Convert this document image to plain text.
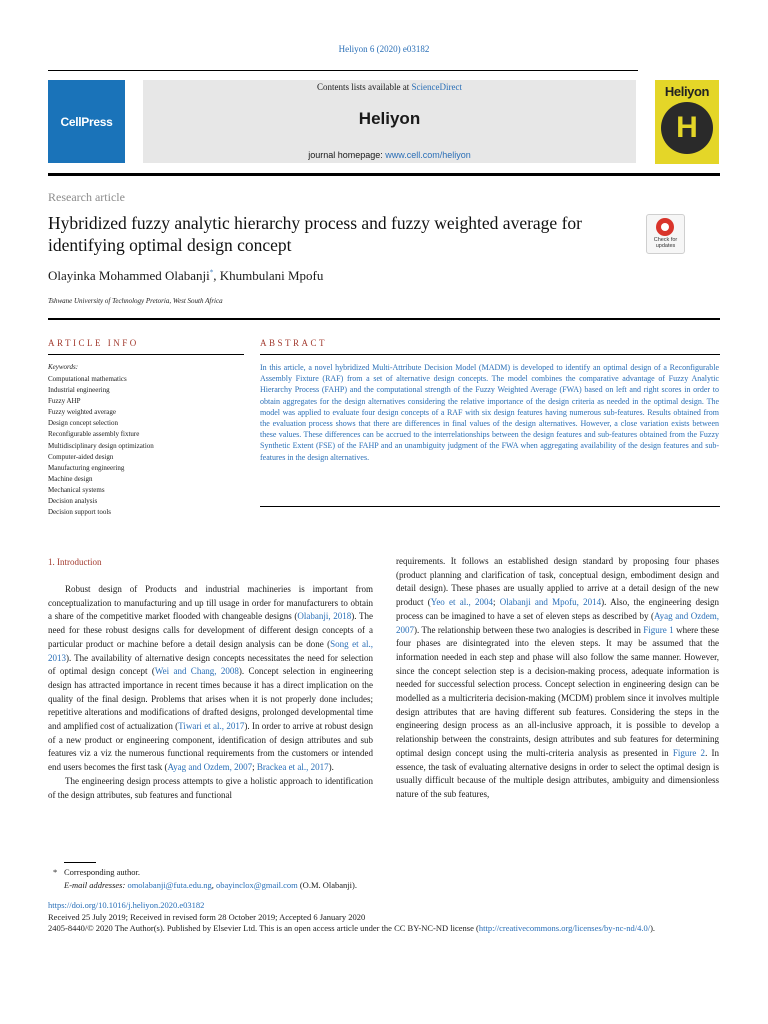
Heliyon 6 (2020) e03182
CellPress
Contents lists available at ScienceDirect
Heliyon
journal homepage: www.cell.com/heliyon
Heliyon
H
Research article
Hybridized fuzzy analytic hierarchy process and fuzzy weighted average for identifying optimal design concept	Check for updates
Olayinka Mohammed Olabanji*, Khumbulani Mpofu
Tshwane University of Technology Pretoria, West South Africa
ARTICLE INFO	ABSTRACT
Keywords:
Computational mathematics
Industrial engineering
Fuzzy AHP
Fuzzy weighted average
Design concept selection
Reconfigurable assembly fixture
Multidisciplinary design optimization
Computer-aided design
Manufacturing engineering
Machine design
Mechanical systems
Decision analysis
Decision support tools
In this article, a novel hybridized Multi-Attribute Decision Model (MADM) is developed to identify an optimal design of a Reconfigurable Assembly Fixture (RAF) from a set of alternative design concepts. The model combines the comparative advantage of Fuzzy Analytic Hierarchy Process (FAHP) and the computational strength of the Fuzzy Weighted Average (FWA) based on left and right scores in order to obtain aggregates for the design alternatives considering the relative importance of the design criteria as needed in the optimal design. The model was applied to evaluate four design concepts of a RAF with six design features having numerous sub-features. Results obtained from the evaluation process shows that there are differences in final values of the design alternatives. However, a close variation exists between these values. These differences can be accrued to the interrelationships between the design features and sub-features obtained from the Fuzzy Synthetic Extent (FSE) of the FAHP and an unambiguity judgment of the FWA when aggregating availability of the design features and sub-features in the design alternatives.
1. Introduction

Robust design of Products and industrial machineries is important from conceptualization to manufacturing and up till usage in order for manufacturers to obtain a share of the competitive market flooded with changeable designs (Olabanji, 2018). The need for these robust designs calls for development of different design concepts of a particular product or machine before a detail design analysis can be done (Song et al., 2013). The availability of alternative design concepts necessitates the need for selection of optimal design concept (Wei and Chang, 2008). Concept selection in engineering design has attracted importance in recent times because it has a direct implication on the quality of the final design. Problems that arises when it is not properly done includes; repetitive alterations and modifications of drafted designs, prolonged developmental time and amplified cost of actualization (Tiwari et al., 2017). In order to arrive at robust design of a new product or engineering component, identification of design attributes and sub features viz a viz the numerous functional requirements from the customers or intended end users becomes the first task (Ayag and Ozdem, 2007; Brackea et al., 2017).

The engineering design process attempts to give a holistic approach to identification of the design attributes, sub features and functional

requirements. It follows an established design standard by proposing four phases (product planning and clarification of task, conceptual design, embodiment design and detail design). These phases are usually applied to arrive at a detail design of the new product (Yeo et al., 2004; Olabanji and Mpofu, 2014). Also, the engineering design process can be imagined to have a set of eleven steps as described by (Ayag and Ozdem, 2007). The relationship between these two analogies is described in Figure 1 where these four phases are disintegrated into the eleven steps. It may be assumed that the information needed in each step and phase will also follow the same manner. However, since the concept selection step is a decision-making process, adequate information is needed for successful selection process. Concept selection in engineering design can be modelled as a multicriteria decision-making (MCDM) problem since it involves multiple design attributes that are having different sub features. Considering the steps in the engineering design process as an all-inclusive approach, it is possible to develop a relationship between the constraints, design attributes and sub features for determining optimal design concept using the multi-criteria analysis as presented in Figure 2. In essence, the task of evaluating alternative designs in order to select the optimal design is usually difficult because of the multiple design attributes, ambiguity and dimensionless nature of the sub features,

* Corresponding author.
E-mail addresses: omolabanji@futa.edu.ng, obayinclox@gmail.com (O.M. Olabanji).
https://doi.org/10.1016/j.heliyon.2020.e03182
Received 25 July 2019; Received in revised form 28 October 2019; Accepted 6 January 2020
2405-8440/© 2020 The Author(s). Published by Elsevier Ltd. This is an open access article under the CC BY-NC-ND license (http://creativecommons.org/licenses/by-nc-nd/4.0/).
